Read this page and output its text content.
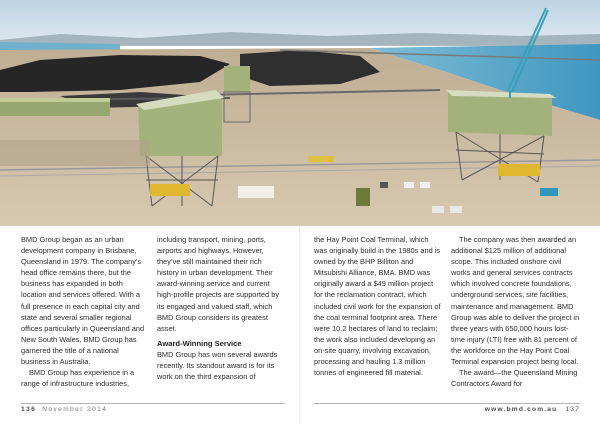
BMD Group began as an urban development company in Brisbane, Queensland in 1979. The company’s head office remains there, but the business has expanded in both location and services offered. With a full presence in each capital city and state and several smaller regional offices particularly in Queensland and New South Wales, BMD Group has garnered the title of a national business in Australia.

BMD Group has experience in a range of infrastructure industries,

including transport, mining, ports, airports and highways. However, they’ve still maintained their rich history in urban development. Their award-winning service and current high-profile projects are supported by its engaged and valued staff, which BMD Group considers its greatest asset.

Award-Winning Service

BMD Group has won several awards recently. Its standout award is for its work on the third expansion of

the Hay Point Coal Terminal, which was originally build in the 1980s and is owned by the BHP Billiton and Mitsubishi Alliance, BMA. BMD was originally award a $49 million project for the reclamation contract, which included civil work for the expansion of the coal terminal footprint area. There were 10.2 hectares of land to reclaim; the work also included developing an on-site quarry, involving excavation, processing and hauling 1.3 million tonnes of engineered fill material.

The company was then awarded an additional $125 million of additional scope. This included onshore civil works and general services contracts which involved concrete foundations, underground services, site facilities, maintenance and management. BMD Group was able to deliver the project in three years with 650,000 hours lost-time injury (LTI) free with 81 percent of the workforce on the Hay Point Coal Terminal expansion project being local.

The award—the Queensland Mining Contractors Award for

136 November 2014	www.bmd.com.au 137
